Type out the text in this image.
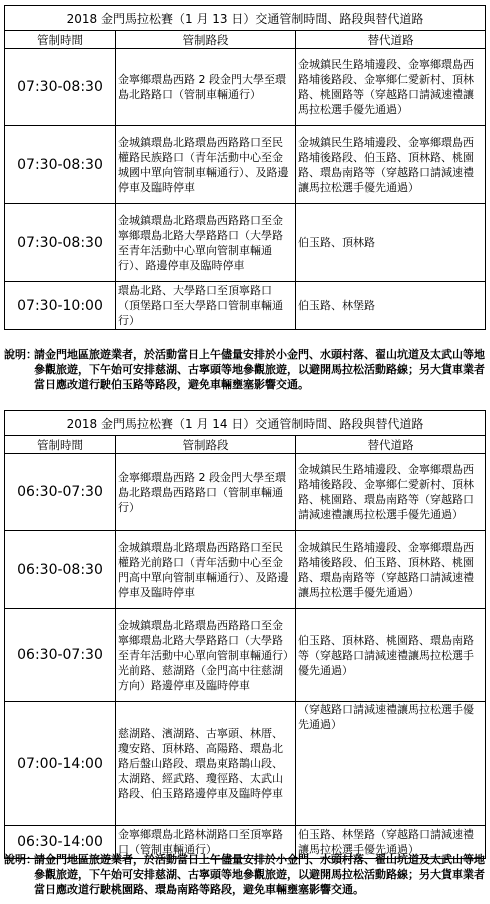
2018 金門馬拉松賽（1 月 13 日）交通管制時間、路段與替代道路		
管制時間	管制路段	替代道路
07:30-08:30	金寧鄉環島西路 2 段金門大學至環島北路路口（管制車輛通行）	金城鎮民生路埔邊段、金寧鄉環島西路埔後路段、金寧鄉仁愛新村、頂林路、桃園路等（穿越路口請減速禮讓馬拉松選手優先通過）
07:30-08:30	金城鎮環島北路環島西路路口至民權路民族路口（青年活動中心至金城國中單向管制車輛通行）、及路邊停車及臨時停車	金城鎮民生路埔邊段、金寧鄉環島西路埔後路段、伯玉路、頂林路、桃園路、環島南路等（穿越路口請減速禮讓馬拉松選手優先通過）
07:30-08:30	金城鎮環島北路環島西路路口至金寧鄉環島北路大學路路口（大學路至青年活動中心單向管制車輛通行）、路邊停車及臨時停車	伯玉路、頂林路
07:30-10:00	環島北路、大學路口至頂寧路口（頂堡路口至大學路口管制車輛通行）	伯玉路、林堡路
說明：
請金門地區旅遊業者，於活動當日上午儘量安排於小金門、水頭村落、翟山坑道及太武山等地參觀旅遊，下午始可安排慈湖、古寧頭等地參觀旅遊，以避開馬拉松活動路線；另大貨車業者當日應改道行駛伯玉路等路段，避免車輛壅塞影響交通。
2018 金門馬拉松賽（1 月 14 日）交通管制時間、路段與替代道路		
管制時間	管制路段	替代道路
06:30-07:30	金寧鄉環島西路 2 段金門大學至環島北路環島西路路口（管制車輛通行）	金城鎮民生路埔邊段、金寧鄉環島西路埔後路段、金寧鄉仁愛新村、頂林路、桃園路、環島南路等（穿越路口請減速禮讓馬拉松選手優先通過）
06:30-08:30	金城鎮環島北路環島西路路口至民權路光前路口（青年活動中心至金門高中單向管制車輛通行）、及路邊停車及臨時停車	金城鎮民生路埔邊段、金寧鄉環島西路埔後路段、伯玉路、頂林路、桃園路、環島南路等（穿越路口請減速禮讓馬拉松選手優先通過）
06:30-07:30	金城鎮環島北路環島西路路口至金寧鄉環島北路大學路路口（大學路至青年活動中心單向管制車輛通行）光前路、慈湖路（金門高中往慈湖方向）路邊停車及臨時停車	伯玉路、頂林路、桃園路、環島南路等（穿越路口請減速禮讓馬拉松選手優先通過）
07:00-14:00	慈湖路、濱湖路、古寧頭、林厝、瓊安路、頂林路、高陽路、環島北路后盤山路段、環島東路鵲山段、太湖路、經武路、瓊徑路、太武山路段、伯玉路路邊停車及臨時停車	（穿越路口請減速禮讓馬拉松選手優先通過）
06:30-14:00	金寧鄉環島北路林湖路口至頂寧路口（管制車輛通行）	伯玉路、林堡路（穿越路口請減速禮讓馬拉松選手優先通過）
說明：
請金門地區旅遊業者，於活動當日上午儘量安排於小金門、水頭村落、翟山坑道及太武山等地參觀旅遊，下午始可安排慈湖、古寧頭等地參觀旅遊，以避開馬拉松活動路線；另大貨車業者當日應改道行駛桃園路、環島南路等路段，避免車輛壅塞影響交通。
